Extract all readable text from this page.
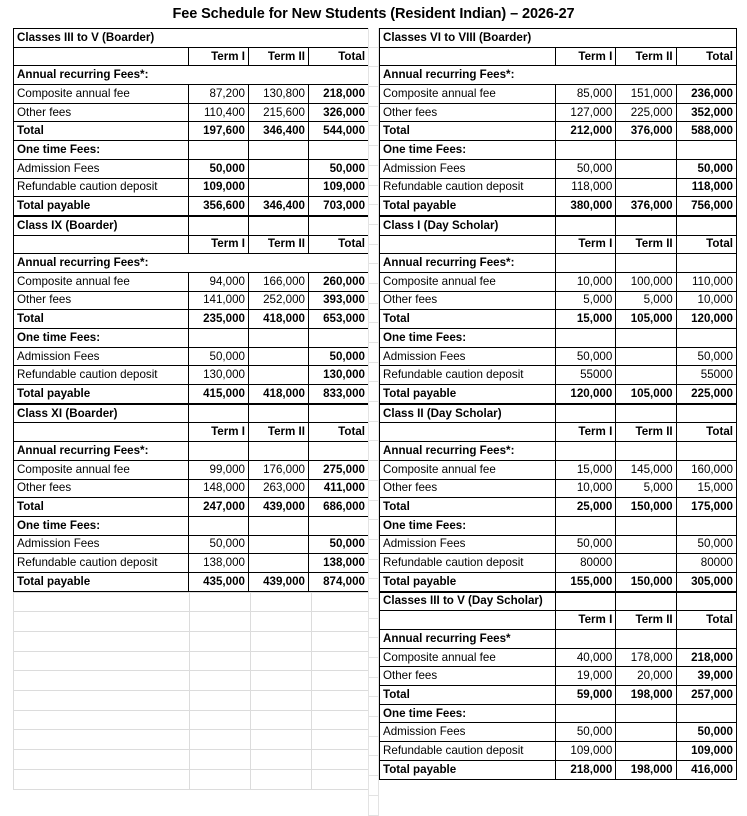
Fee Schedule for New Students (Resident Indian) – 2026-27
Classes III to V (Boarder)			
	Term I	Term II	Total
Annual recurring Fees*:			
Composite annual fee	87,200	130,800	218,000
Other fees	110,400	215,600	326,000
Total	197,600	346,400	544,000
One time Fees:			
Admission Fees	50,000		50,000
Refundable caution deposit	109,000		109,000
Total payable	356,600	346,400	703,000
Class IX (Boarder)			
	Term I	Term II	Total
Annual recurring Fees*:			
Composite annual fee	94,000	166,000	260,000
Other fees	141,000	252,000	393,000
Total	235,000	418,000	653,000
One time Fees:			
Admission Fees	50,000		50,000
Refundable caution deposit	130,000		130,000
Total payable	415,000	418,000	833,000
Class XI (Boarder)			
	Term I	Term II	Total
Annual recurring Fees*:			
Composite annual fee	99,000	176,000	275,000
Other fees	148,000	263,000	411,000
Total	247,000	439,000	686,000
One time Fees:			
Admission Fees	50,000		50,000
Refundable caution deposit	138,000		138,000
Total payable	435,000	439,000	874,000

Classes VI to VIII (Boarder)			
	Term I	Term II	Total
Annual recurring Fees*:			
Composite annual fee	85,000	151,000	236,000
Other fees	127,000	225,000	352,000
Total	212,000	376,000	588,000
One time Fees:			
Admission Fees	50,000		50,000
Refundable caution deposit	118,000		118,000
Total payable	380,000	376,000	756,000
Class I (Day Scholar)			
	Term I	Term II	Total
Annual recurring Fees*:			
Composite annual fee	10,000	100,000	110,000
Other fees	5,000	5,000	10,000
Total	15,000	105,000	120,000
One time Fees:			
Admission Fees	50,000		50,000
Refundable caution deposit	55000		55000
Total payable	120,000	105,000	225,000
Class II (Day Scholar)			
	Term I	Term II	Total
Annual recurring Fees*:			
Composite annual fee	15,000	145,000	160,000
Other fees	10,000	5,000	15,000
Total	25,000	150,000	175,000
One time Fees:			
Admission Fees	50,000		50,000
Refundable caution deposit	80000		80000
Total payable	155,000	150,000	305,000
Classes III to V (Day Scholar)			
	Term I	Term II	Total
Annual recurring Fees*			
Composite annual fee	40,000	178,000	218,000
Other fees	19,000	20,000	39,000
Total	59,000	198,000	257,000
One time Fees:			
Admission Fees	50,000		50,000
Refundable caution deposit	109,000		109,000
Total payable	218,000	198,000	416,000
